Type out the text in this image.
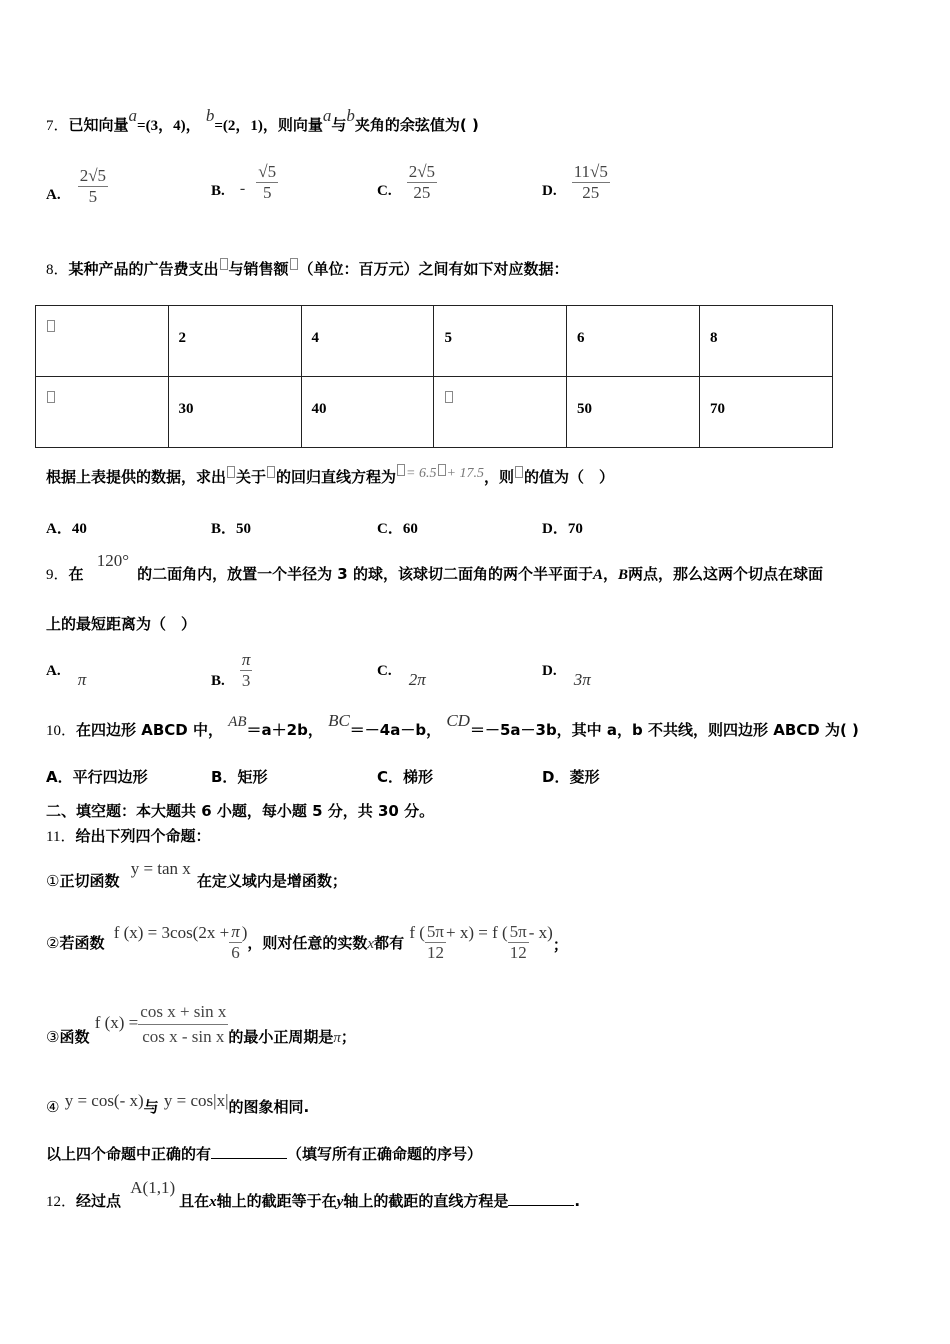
7．已知向量a=(3，4)， b=(2，1)，则向量a与b夹角的余弦值为( )
A. $\frac{2√5}{5}$	B. - $\frac{√5}{5}$	C. $\frac{2√5}{25}$	D. $\frac{11√5}{25}$
8．某种产品的广告费支出 与销售额 （单位：百万元）之间有如下对应数据：

	2	4	5	6	8

	30	40		50	70
根据上表提供的数据，求出 关于 的回归直线方程为 = 6.5 + 17.5，则 的值为（　）
A．40	B．50	C．60	D．70
9．在 120°的二面角内，放置一个半径为 3 的球，该球切二面角的两个半平面于A，B两点，那么这两个切点在球面
上的最短距离为（　）
A. π	B. $\frac{\pi}{3}$	C. 2π	D. 3π
10．在四边形 ABCD 中， AB＝a＋2b， BC＝－4a－b， CD＝－5a－3b，其中 a，b 不共线，则四边形 ABCD 为( )
A．平行四边形	B．矩形	C．梯形	D．菱形
二、填空题：本大题共 6 小题，每小题 5 分，共 30 分。
11．给出下列四个命题：
①正切函数 y = tan x在定义域内是增函数；
②若函数 f $(x) = 3\cos(2x + \frac{\pi}{6}$ )，则对任意的实数x都有 f ( $\frac{5\pi}{12} + x) = f$ ( $\frac{5\pi}{12} - x$)；
③函数 f $(x) = \frac{\text{cos x + sin x}}{\text{cos x - sin x}}$ 的最小正周期是π；
④ y = cos(- x)与 y = cos|x|的图象相同.
以上四个命题中正确的有	（填写所有正确命题的序号）
12．经过点 A(1,1)且在x轴上的截距等于在y轴上的截距的直线方程是	.
